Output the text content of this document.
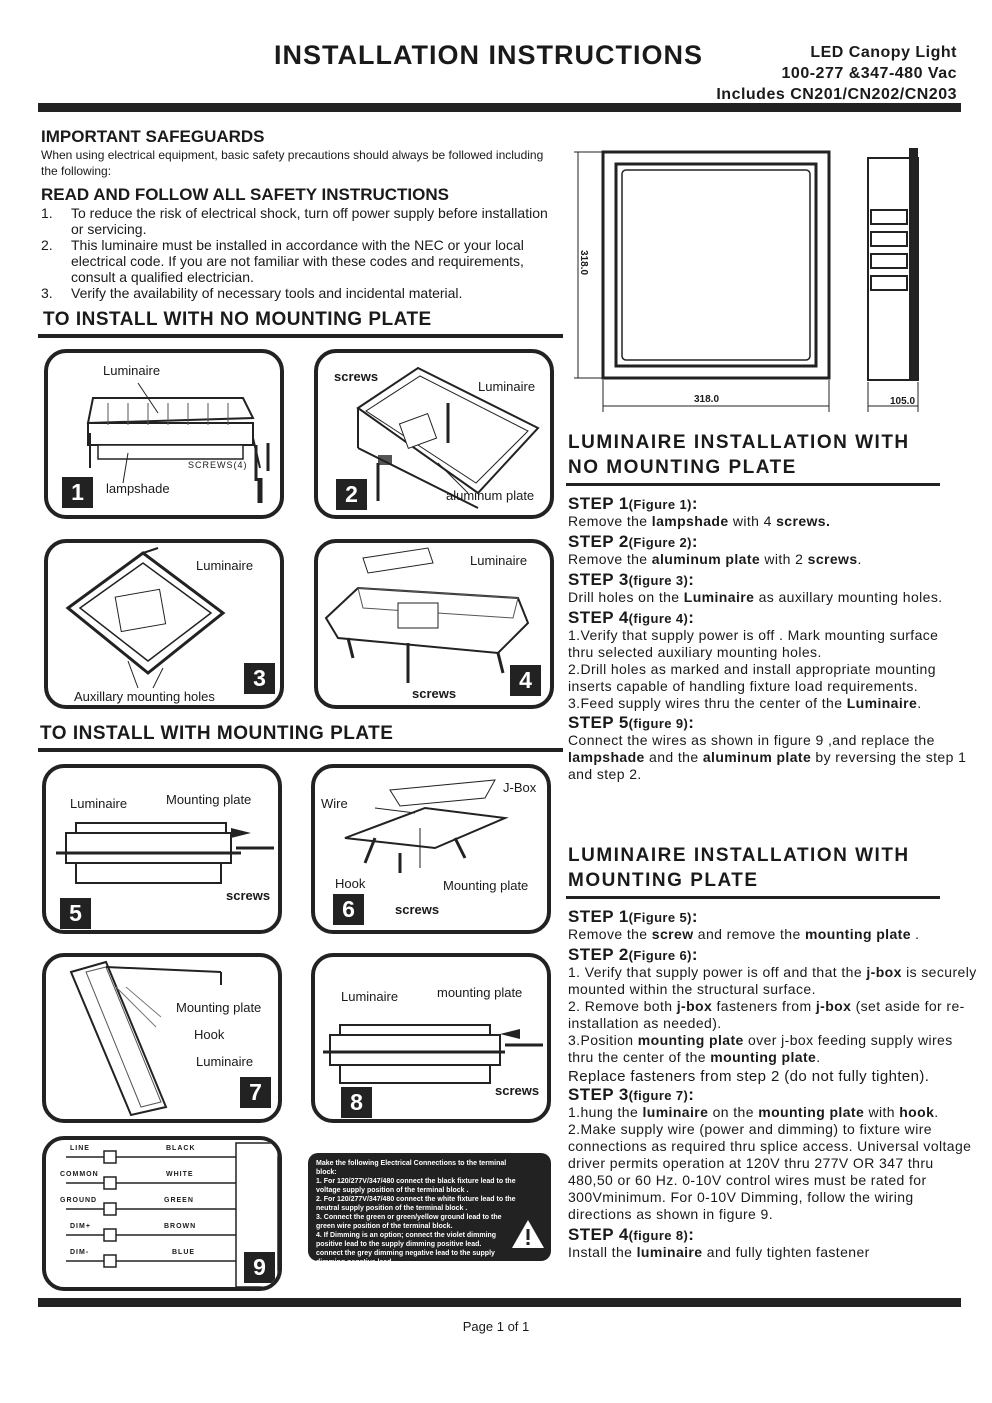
INSTALLATION INSTRUCTIONS	LED Canopy Light
100-277 &347-480 Vac
Includes CN201/CN202/CN203
IMPORTANT SAFEGUARDS
When using electrical equipment, basic safety precautions should always be followed including the following:
READ AND FOLLOW ALL SAFETY INSTRUCTIONS
1. To reduce the risk of electrical shock, turn off power supply before installation or servicing.
2. This luminaire must be installed in accordance with the NEC or your local electrical code. If you are not familiar with these codes and requirements, consult a qualified electrician.
3. Verify the availability of necessary tools and incidental material.
TO INSTALL WITH NO MOUNTING PLATE
Luminaire
SCREWS(4)
lampshade
1
screws
Luminaire
aluminum plate
2
Luminaire
Auxillary mounting holes
3
Luminaire
screws
4
TO INSTALL WITH MOUNTING PLATE
Luminaire	Mounting plate
screws
5
Wire
J-Box
Hook	Mounting plate
screws
6
Mounting plate
Hook
Luminaire
7
Luminaire	mounting plate
screws
8
LINE	BLACK
COMMON	WHITE
GROUND	GREEN
DIM+	BROWN
DIM-	BLUE
9
Make the following Electrical Connections to the terminal block:
1. For 120/277V/347/480 connect the black fixture lead to the voltage supply position of the terminal block .
2. For 120/277V/347/480 connect the white fixture lead to the neutral supply position of the terminal block .
3. Connect the green or green/yellow ground lead to the green wire position of the terminal block.
4. If Dimming is an option; connect the violet dimming positive lead to the supply dimming positive lead.
connect the grey dimming negative lead to the supply dimming negative lead.
318.0
318.0	105.0
LUMINAIRE INSTALLATION WITH
NO MOUNTING PLATE
STEP 1(Figure 1):
Remove the lampshade with 4 screws.
STEP 2(Figure 2):
Remove the aluminum plate with 2 screws.
STEP 3(figure 3):
Drill holes on the Luminaire as auxillary mounting holes.
STEP 4(figure 4):
1.Verify that supply power is off . Mark mounting surface thru selected auxiliary mounting holes.
2.Drill holes as marked and install appropriate mounting inserts capable of handling fixture load requirements.
3.Feed supply wires thru the center of the Luminaire.
STEP 5(figure 9):
Connect the wires as shown in figure 9 ,and replace the lampshade and the aluminum plate by reversing the step 1 and step 2.
LUMINAIRE INSTALLATION WITH
MOUNTING PLATE
STEP 1(Figure 5):
Remove the screw and remove the mounting plate .
STEP 2(Figure 6):
1. Verify that supply power is off and that the j-box is securely mounted within the structural surface.
2. Remove both j-box fasteners from j-box (set aside for re-installation as needed).
3.Position mounting plate over j-box feeding supply wires thru the center of the mounting plate.
Replace fasteners from step 2 (do not fully tighten).
STEP 3(figure 7):
1.hung the luminaire on the mounting plate with hook.
2.Make supply wire (power and dimming) to fixture wire connections as required thru splice access. Universal voltage driver permits operation at 120V thru 277V OR 347 thru 480,50 or 60 Hz. 0-10V control wires must be rated for 300Vminimum. For 0-10V Dimming, follow the wiring directions as shown in figure 9.
STEP 4(figure 8):
Install the luminaire and fully tighten fastener
Page 1 of 1
